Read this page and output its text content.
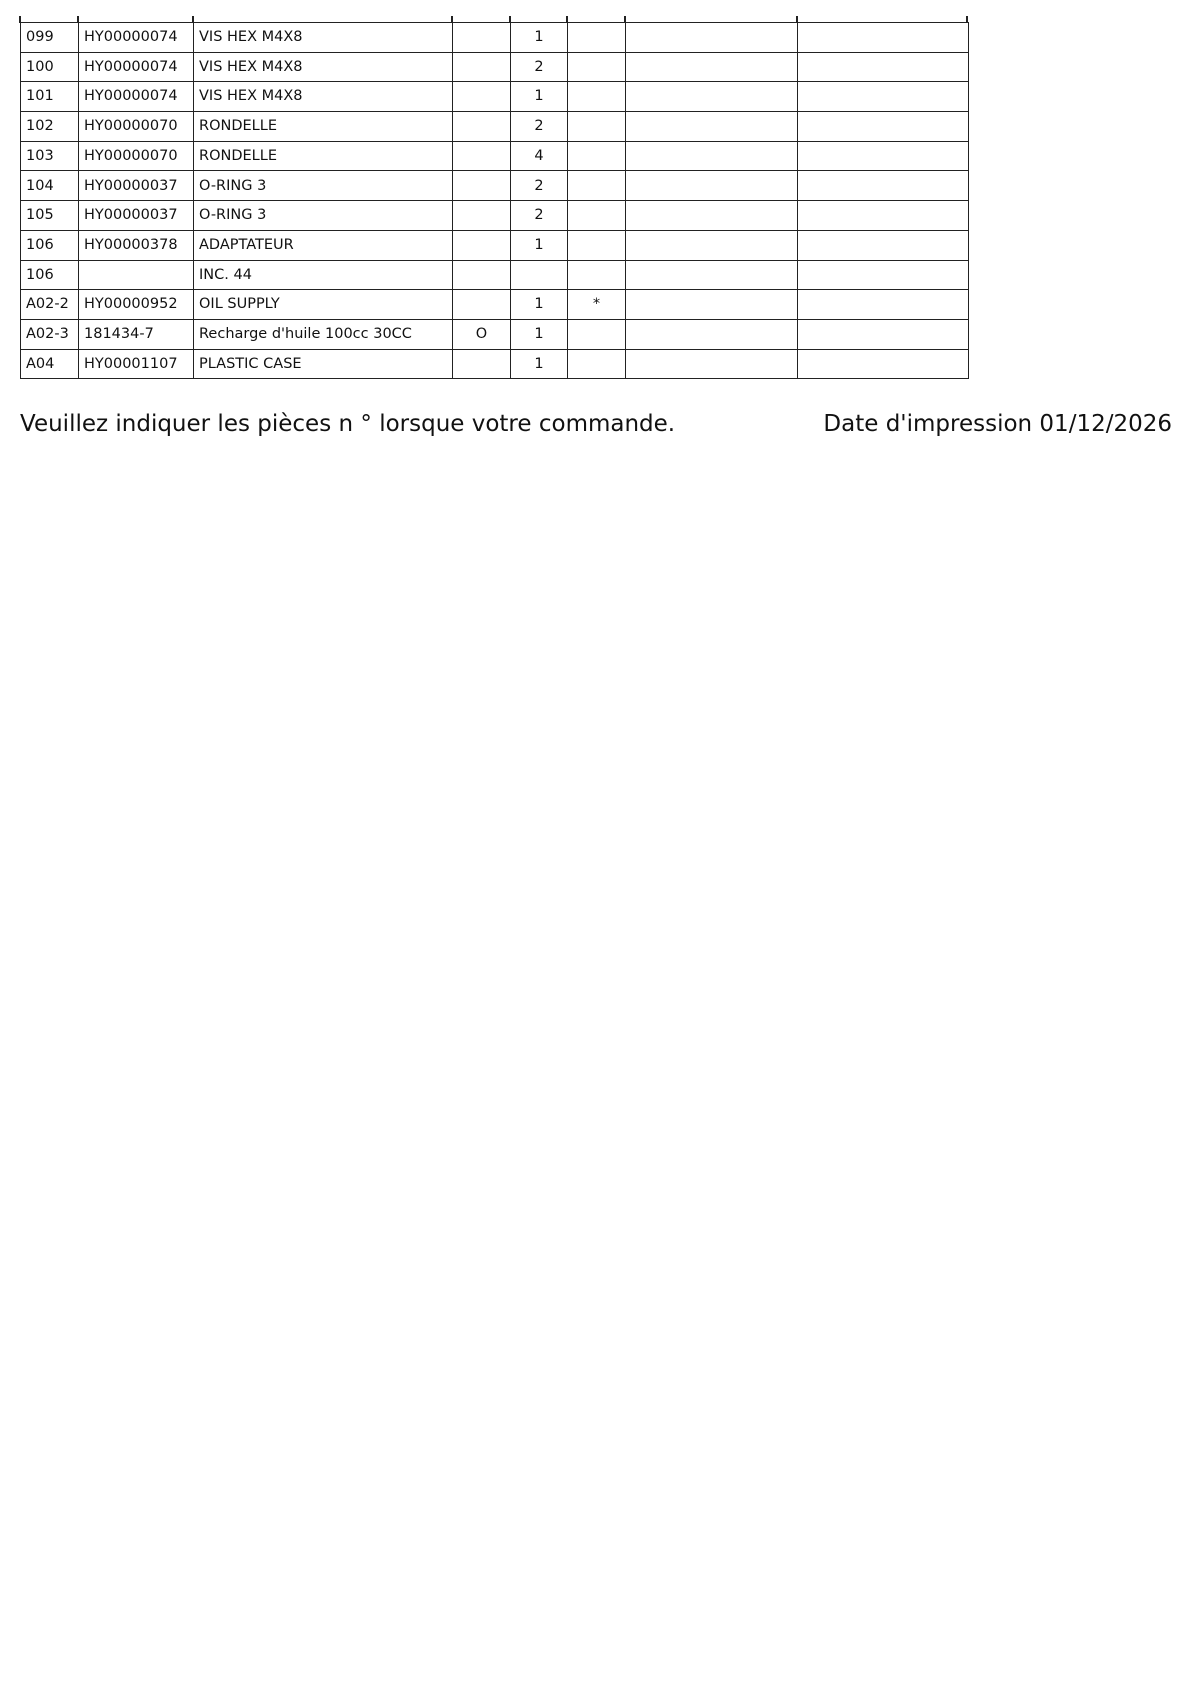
099	HY00000074	VIS HEX M4X8		1			
100	HY00000074	VIS HEX M4X8		2			
101	HY00000074	VIS HEX M4X8		1			
102	HY00000070	RONDELLE		2			
103	HY00000070	RONDELLE		4			
104	HY00000037	O-RING 3		2			
105	HY00000037	O-RING 3		2			
106	HY00000378	ADAPTATEUR		1			
106		INC. 44					
A02-2	HY00000952	OIL SUPPLY		1	*		
A02-3	181434-7	Recharge d'huile 100cc 30CC	O	1			
A04	HY00001107	PLASTIC CASE		1			
Veuillez indiquer les pièces n ° lorsque votre commande.	Date d'impression 01/12/2026
